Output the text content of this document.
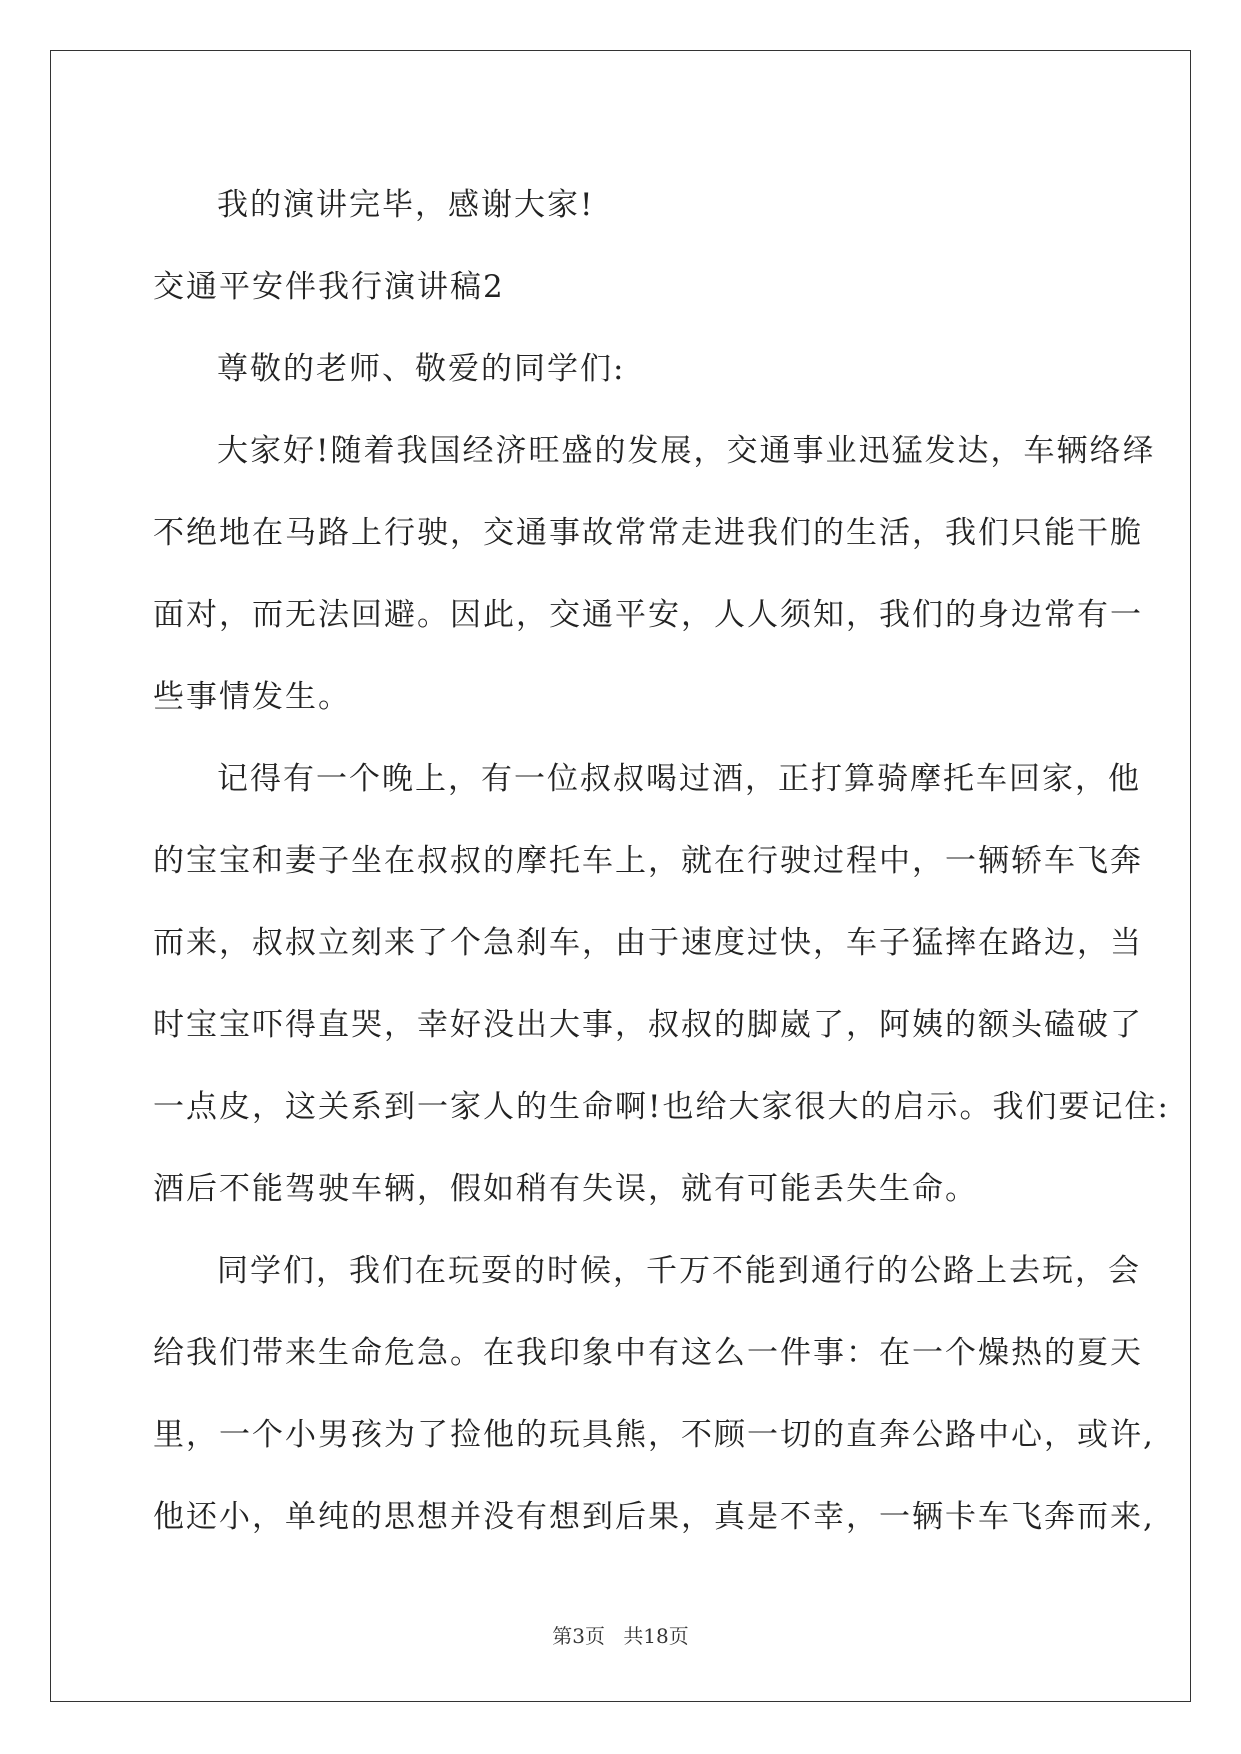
我的演讲完毕，感谢大家!
交通平安伴我行演讲稿2
尊敬的老师、敬爱的同学们:
大家好!随着我国经济旺盛的发展，交通事业迅猛发达，车辆络绎
不绝地在马路上行驶，交通事故常常走进我们的生活，我们只能干脆
面对，而无法回避。因此，交通平安，人人须知，我们的身边常有一
些事情发生。
记得有一个晚上，有一位叔叔喝过酒，正打算骑摩托车回家，他
的宝宝和妻子坐在叔叔的摩托车上，就在行驶过程中，一辆轿车飞奔
而来，叔叔立刻来了个急刹车，由于速度过快，车子猛摔在路边，当
时宝宝吓得直哭，幸好没出大事，叔叔的脚崴了，阿姨的额头磕破了
一点皮，这关系到一家人的生命啊!也给大家很大的启示。我们要记住:
酒后不能驾驶车辆，假如稍有失误，就有可能丢失生命。
同学们，我们在玩耍的时候，千万不能到通行的公路上去玩，会
给我们带来生命危急。在我印象中有这么一件事：在一个燥热的夏天
里，一个小男孩为了捡他的玩具熊，不顾一切的直奔公路中心，或许,
他还小，单纯的思想并没有想到后果，真是不幸，一辆卡车飞奔而来,
第3页 共18页
